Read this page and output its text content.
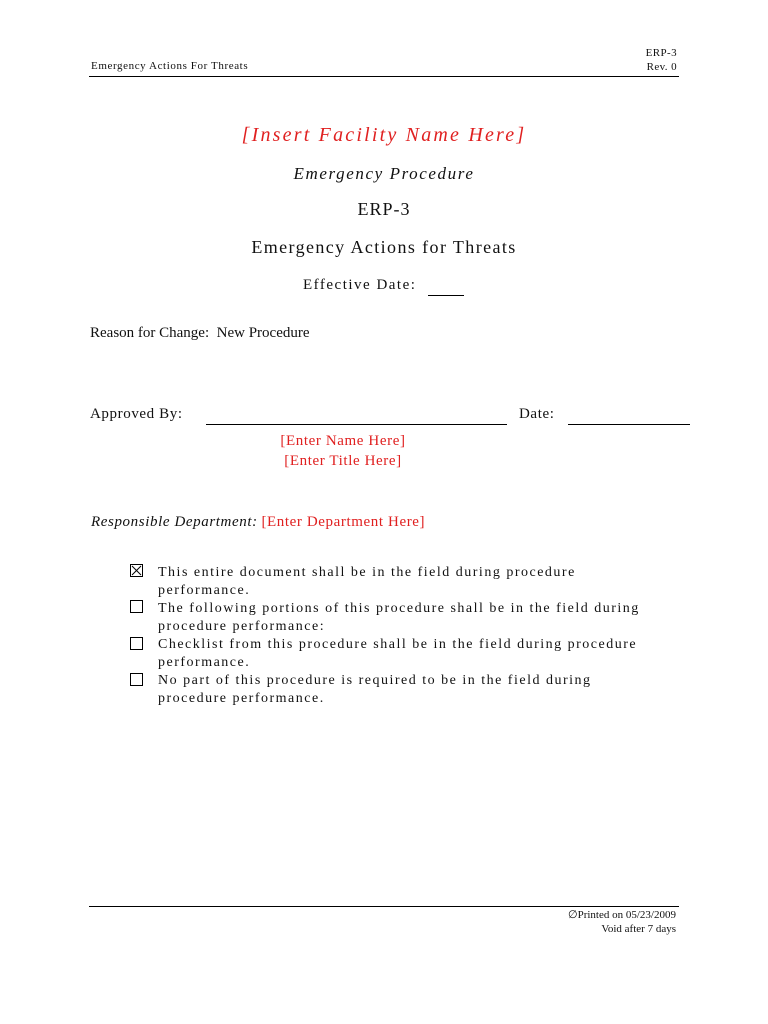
ERP-3
Rev. 0
Emergency Actions For Threats
[Insert Facility Name Here]
Emergency Procedure
ERP-3
Emergency Actions for Threats
Effective Date:
Reason for Change: New Procedure
Approved By:	Date:
[Enter Name Here]
[Enter Title Here]
Responsible Department: [Enter Department Here]
This entire document shall be in the field during procedure performance.
The following portions of this procedure shall be in the field during procedure performance:
Checklist from this procedure shall be in the field during procedure performance.
No part of this procedure is required to be in the field during procedure performance.
∅Printed on 05/23/2009
Void after 7 days
